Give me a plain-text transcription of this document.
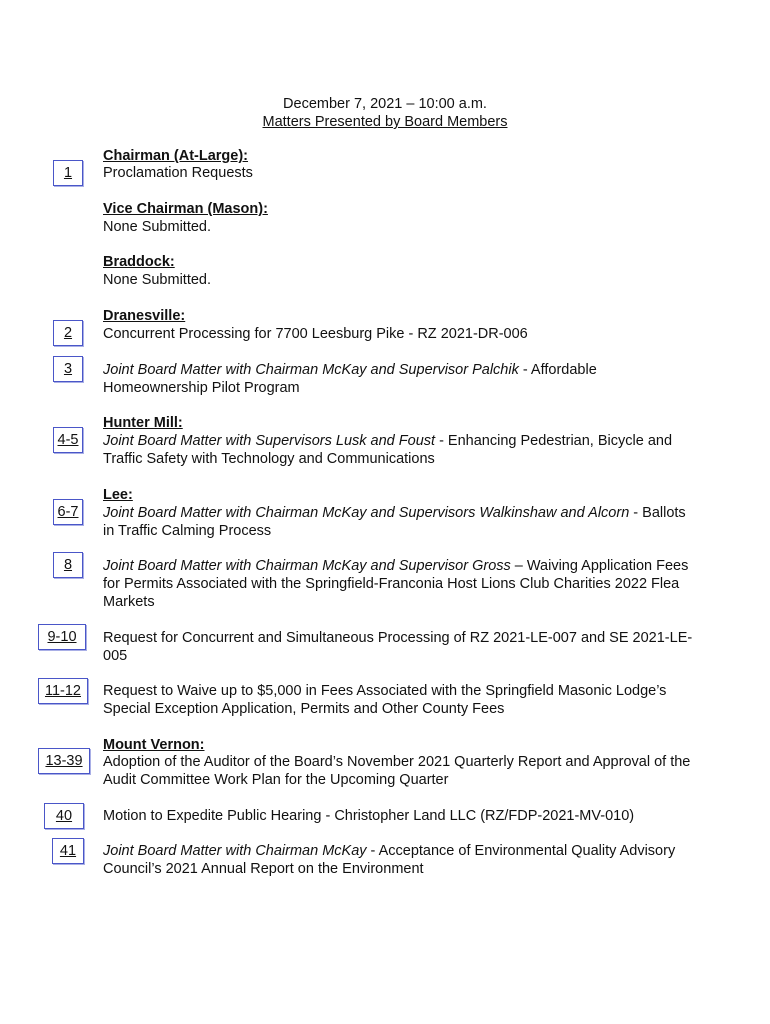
December 7, 2021 – 10:00 a.m.
Matters Presented by Board Members
Chairman (At-Large):
1	Proclamation Requests
Vice Chairman (Mason):
None Submitted.
Braddock:
None Submitted.
Dranesville:
2	Concurrent Processing for 7700 Leesburg Pike - RZ 2021-DR-006
3	Joint Board Matter with Chairman McKay and Supervisor Palchik - Affordable
Homeownership Pilot Program
Hunter Mill:
4-5	Joint Board Matter with Supervisors Lusk and Foust - Enhancing Pedestrian, Bicycle and
Traffic Safety with Technology and Communications
Lee:
6-7	Joint Board Matter with Chairman McKay and Supervisors Walkinshaw and Alcorn - Ballots
in Traffic Calming Process
8	Joint Board Matter with Chairman McKay and Supervisor Gross – Waiving Application Fees
for Permits Associated with the Springfield-Franconia Host Lions Club Charities 2022 Flea
Markets
9-10	Request for Concurrent and Simultaneous Processing of RZ 2021-LE-007 and SE 2021-LE-
005
11-12	Request to Waive up to $5,000 in Fees Associated with the Springfield Masonic Lodge’s
Special Exception Application, Permits and Other County Fees
Mount Vernon:
13-39	Adoption of the Auditor of the Board’s November 2021 Quarterly Report and Approval of the
Audit Committee Work Plan for the Upcoming Quarter
40	Motion to Expedite Public Hearing - Christopher Land LLC (RZ/FDP-2021-MV-010)
41	Joint Board Matter with Chairman McKay - Acceptance of Environmental Quality Advisory
Council’s 2021 Annual Report on the Environment
